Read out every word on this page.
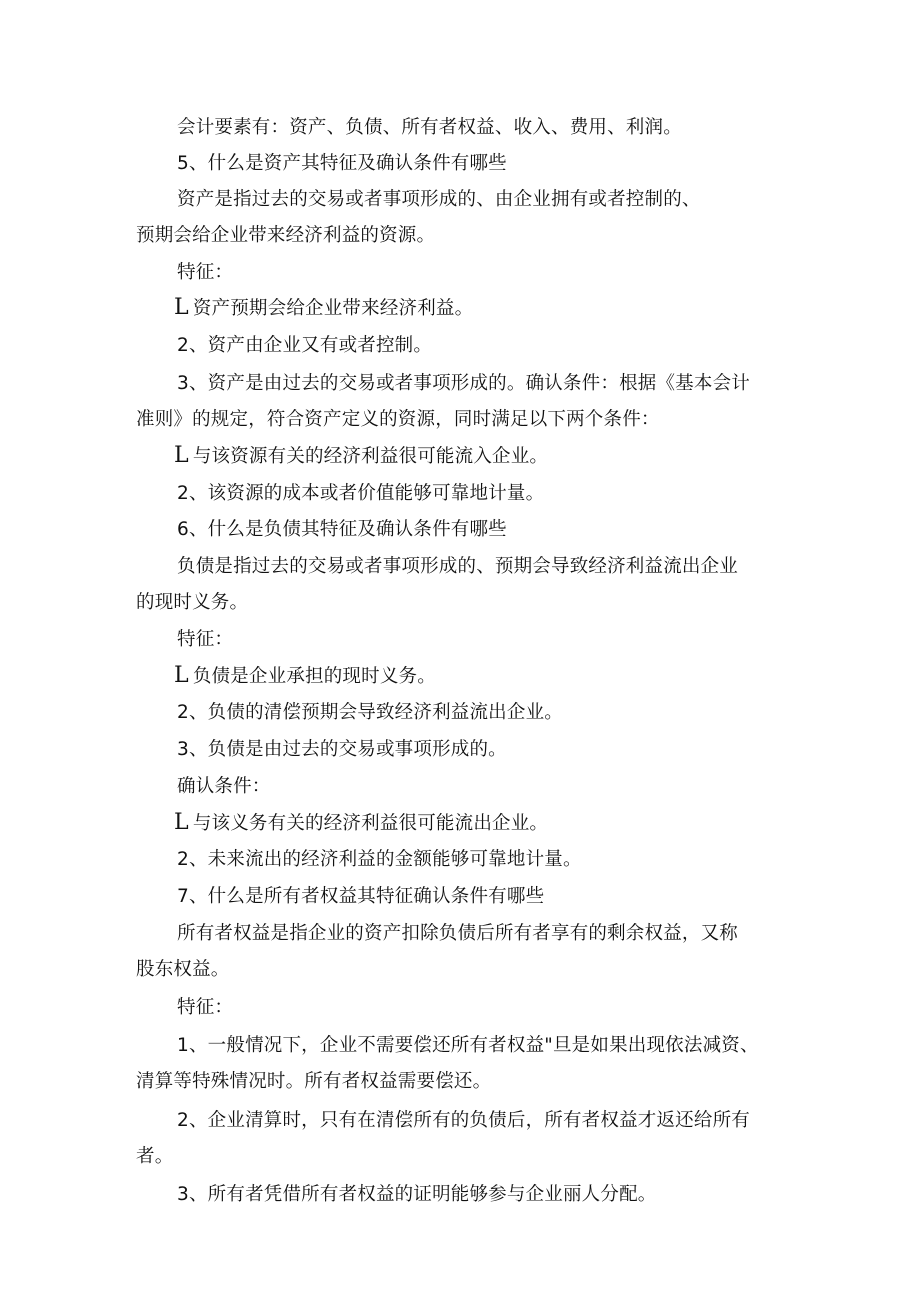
会计要素有：资产、负债、所有者权益、收入、费用、利润。
5、什么是资产其特征及确认条件有哪些
资产是指过去的交易或者事项形成的、由企业拥有或者控制的、
预期会给企业带来经济利益的资源。
特征：
L 资产预期会给企业带来经济利益。
2、资产由企业又有或者控制。
3、资产是由过去的交易或者事项形成的。确认条件：根据《基本会计
准则》的规定，符合资产定义的资源，同时满足以下两个条件：
L 与该资源有关的经济利益很可能流入企业。
2、该资源的成本或者价值能够可靠地计量。
6、什么是负债其特征及确认条件有哪些
负债是指过去的交易或者事项形成的、预期会导致经济利益流出企业
的现时义务。
特征：
L 负债是企业承担的现时义务。
2、负债的清偿预期会导致经济利益流出企业。
3、负债是由过去的交易或事项形成的。
确认条件：
L 与该义务有关的经济利益很可能流出企业。
2、未来流出的经济利益的金额能够可靠地计量。
7、什么是所有者权益其特征确认条件有哪些
所有者权益是指企业的资产扣除负债后所有者享有的剩余权益，又称
股东权益。
特征：
1、一般情况下，企业不需要偿还所有者权益"旦是如果出现依法减资、
清算等特殊情况时。所有者权益需要偿还。
2、企业清算时，只有在清偿所有的负债后，所有者权益才返还给所有
者。
3、所有者凭借所有者权益的证明能够参与企业丽人分配。
